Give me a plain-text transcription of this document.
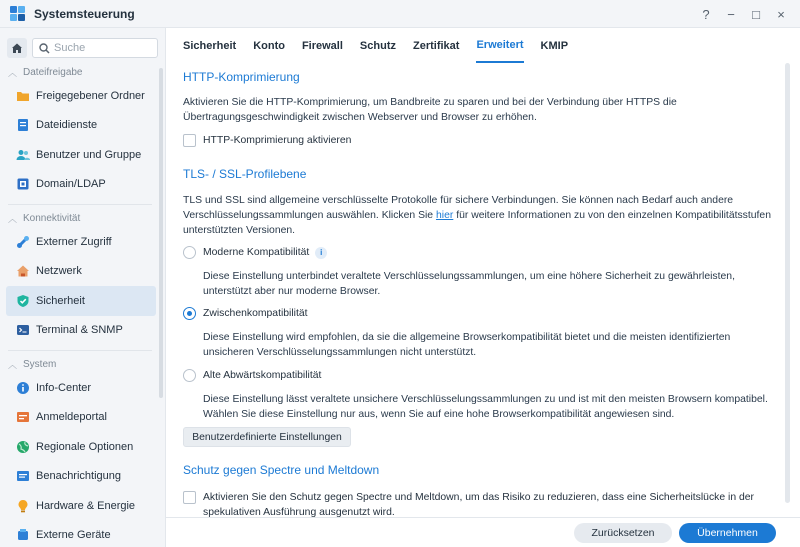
Systemsteuerung	?	−	□	×
Suche
︿ Dateifreigabe
Freigegebener Ordner
Dateidienste
Benutzer und Gruppe
Domain/LDAP
︿ Konnektivität
Externer Zugriff
Netzwerk
Sicherheit
Terminal & SNMP
︿ System
Info-Center
Anmeldeportal
Regionale Optionen
Benachrichtigung
Hardware & Energie
Externe Geräte
Sicherheit Konto Firewall Schutz Zertifikat Erweitert KMIP
HTTP-Komprimierung
Aktivieren Sie die HTTP-Komprimierung, um Bandbreite zu sparen und bei der Verbindung über HTTPS die
Übertragungsgeschwindigkeit zwischen Webserver und Browser zu erhöhen.
HTTP-Komprimierung aktivieren
TLS- / SSL-Profilebene
TLS und SSL sind allgemeine verschlüsselte Protokolle für sichere Verbindungen. Sie können nach Bedarf auch andere
Verschlüsselungssammlungen auswählen. Klicken Sie hier für weitere Informationen zu von den einzelnen Kompatibilitätsstufen
unterstützten Versionen.
Moderne Kompatibilität	i
Diese Einstellung unterbindet veraltete Verschlüsselungssammlungen, um eine höhere Sicherheit zu gewährleisten,
unterstützt aber nur moderne Browser.
Zwischenkompatibilität
Diese Einstellung wird empfohlen, da sie die allgemeine Browserkompatibilität bietet und die meisten identifizierten
unsicheren Verschlüsselungssammlungen nicht unterstützt.
Alte Abwärtskompatibilität
Diese Einstellung lässt veraltete unsichere Verschlüsselungssammlungen zu und ist mit den meisten Browsern kompatibel.
Wählen Sie diese Einstellung nur aus, wenn Sie auf eine hohe Browserkompatibilität angewiesen sind.
Benutzerdefinierte Einstellungen
Schutz gegen Spectre und Meltdown
Aktivieren Sie den Schutz gegen Spectre und Meltdown, um das Risiko zu reduzieren, dass eine Sicherheitslücke in der
spekulativen Ausführung ausgenutzt wird.
Zurücksetzen	Übernehmen
